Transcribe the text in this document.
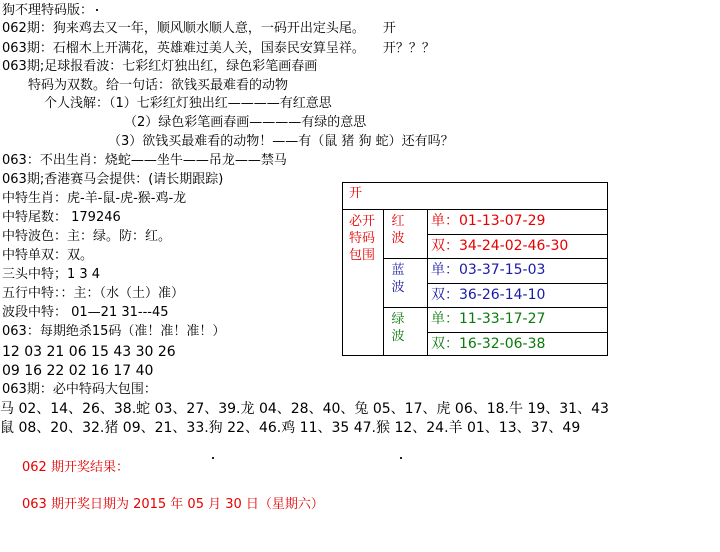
狗不理特码版：
062期：狗来鸡去又一年，顺风顺水顺人意，一码开出定头尾。 开
063期：石榴木上开满花，英雄难过美人关，国泰民安算呈祥。 开？？？
063期;足球报看波：七彩红灯独出红，绿色彩笔画春画
特码为双数。给一句话：欲钱买最难看的动物
个人浅解：（1）七彩红灯独出红————有红意思
（2）绿色彩笔画春画————有绿的意思
（3）欲钱买最难看的动物！——有（鼠 猪 狗 蛇）还有吗？
063：不出生肖：烧蛇——坐牛——吊龙——禁马
063期;香港赛马会提供：(请长期跟踪)
中特生肖：虎-羊-鼠-虎-猴-鸡-龙
中特尾数： 179246
中特波色：主：绿。防：红。
中特单双：双。
三头中特；1 3 4
五行中特：：主：（水（土）准）
波段中特： 01—21 31---45
063：每期绝杀15码（准！准！准！）
12 03 21 06 15 43 30 26
09 16 22 02 16 17 40
063期：必中特码大包围：
马 02、14、26、38.蛇 03、27、39.龙 04、28、40、兔 05、17、虎 06、18.牛 19、31、43
鼠 08、20、32.猪 09、21、33.狗 22、46.鸡 11、35 47.猴 12、24.羊 01、13、37、49
062 期开奖结果：
063 期开奖日期为 2015 年 05 月 30 日（星期六）
开
必开特码包围
红波
单：01-13-07-29
双：34-24-02-46-30
蓝波
单：03-37-15-03
双：36-26-14-10
绿波
单：11-33-17-27
双：16-32-06-38
